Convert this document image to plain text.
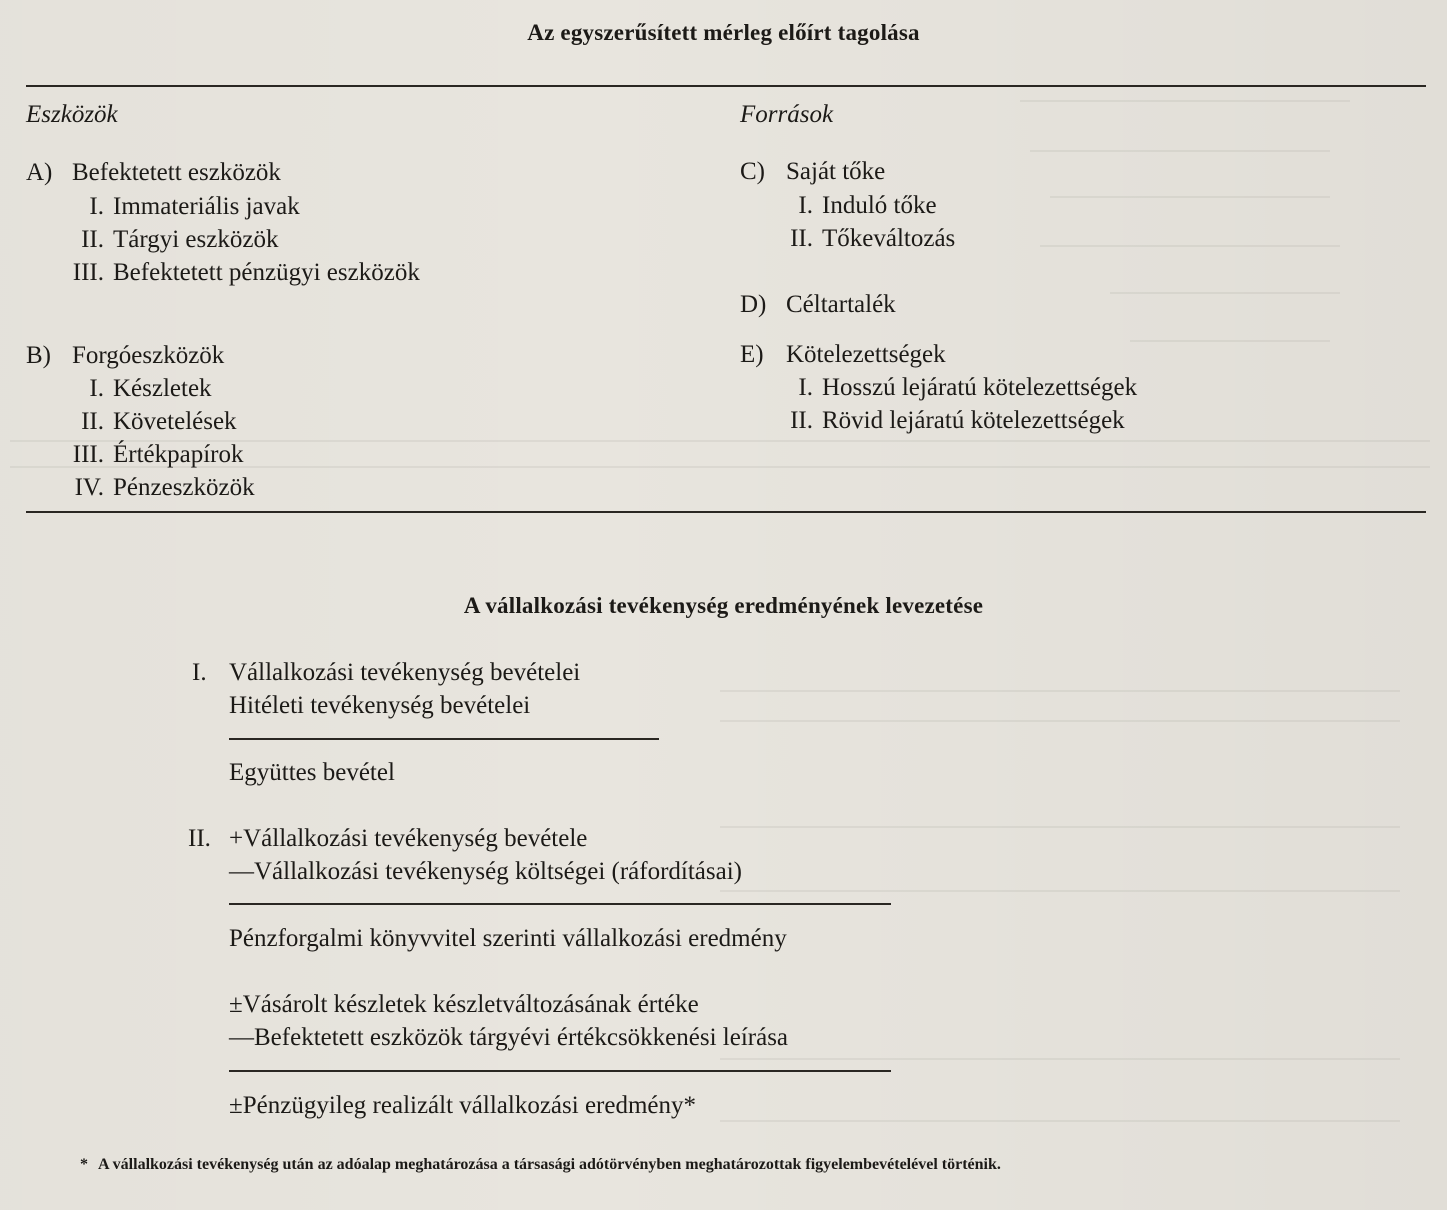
Az egyszerűsített mérleg előírt tagolása
Eszközök
A) Befektetett eszközök
I. Immateriális javak
II. Tárgyi eszközök
III. Befektetett pénzügyi eszközök
B) Forgóeszközök
I. Készletek
II. Követelések
III. Értékpapírok
IV. Pénzeszközök
Források
C) Saját tőke
I. Induló tőke
II. Tőkeváltozás
D) Céltartalék
E) Kötelezettségek
I. Hosszú lejáratú kötelezettségek
II. Rövid lejáratú kötelezettségek
A vállalkozási tevékenység eredményének levezetése
I. Vállalkozási tevékenység bevételei
Hitéleti tevékenység bevételei
Együttes bevétel
II. +Vállalkozási tevékenység bevétele
—Vállalkozási tevékenység költségei (ráfordításai)
Pénzforgalmi könyvvitel szerinti vállalkozási eredmény
±Vásárolt készletek készletváltozásának értéke
—Befektetett eszközök tárgyévi értékcsökkenési leírása
±Pénzügyileg realizált vállalkozási eredmény*
* A vállalkozási tevékenység után az adóalap meghatározása a társasági adótörvényben meghatározottak figyelembevételével történik.
